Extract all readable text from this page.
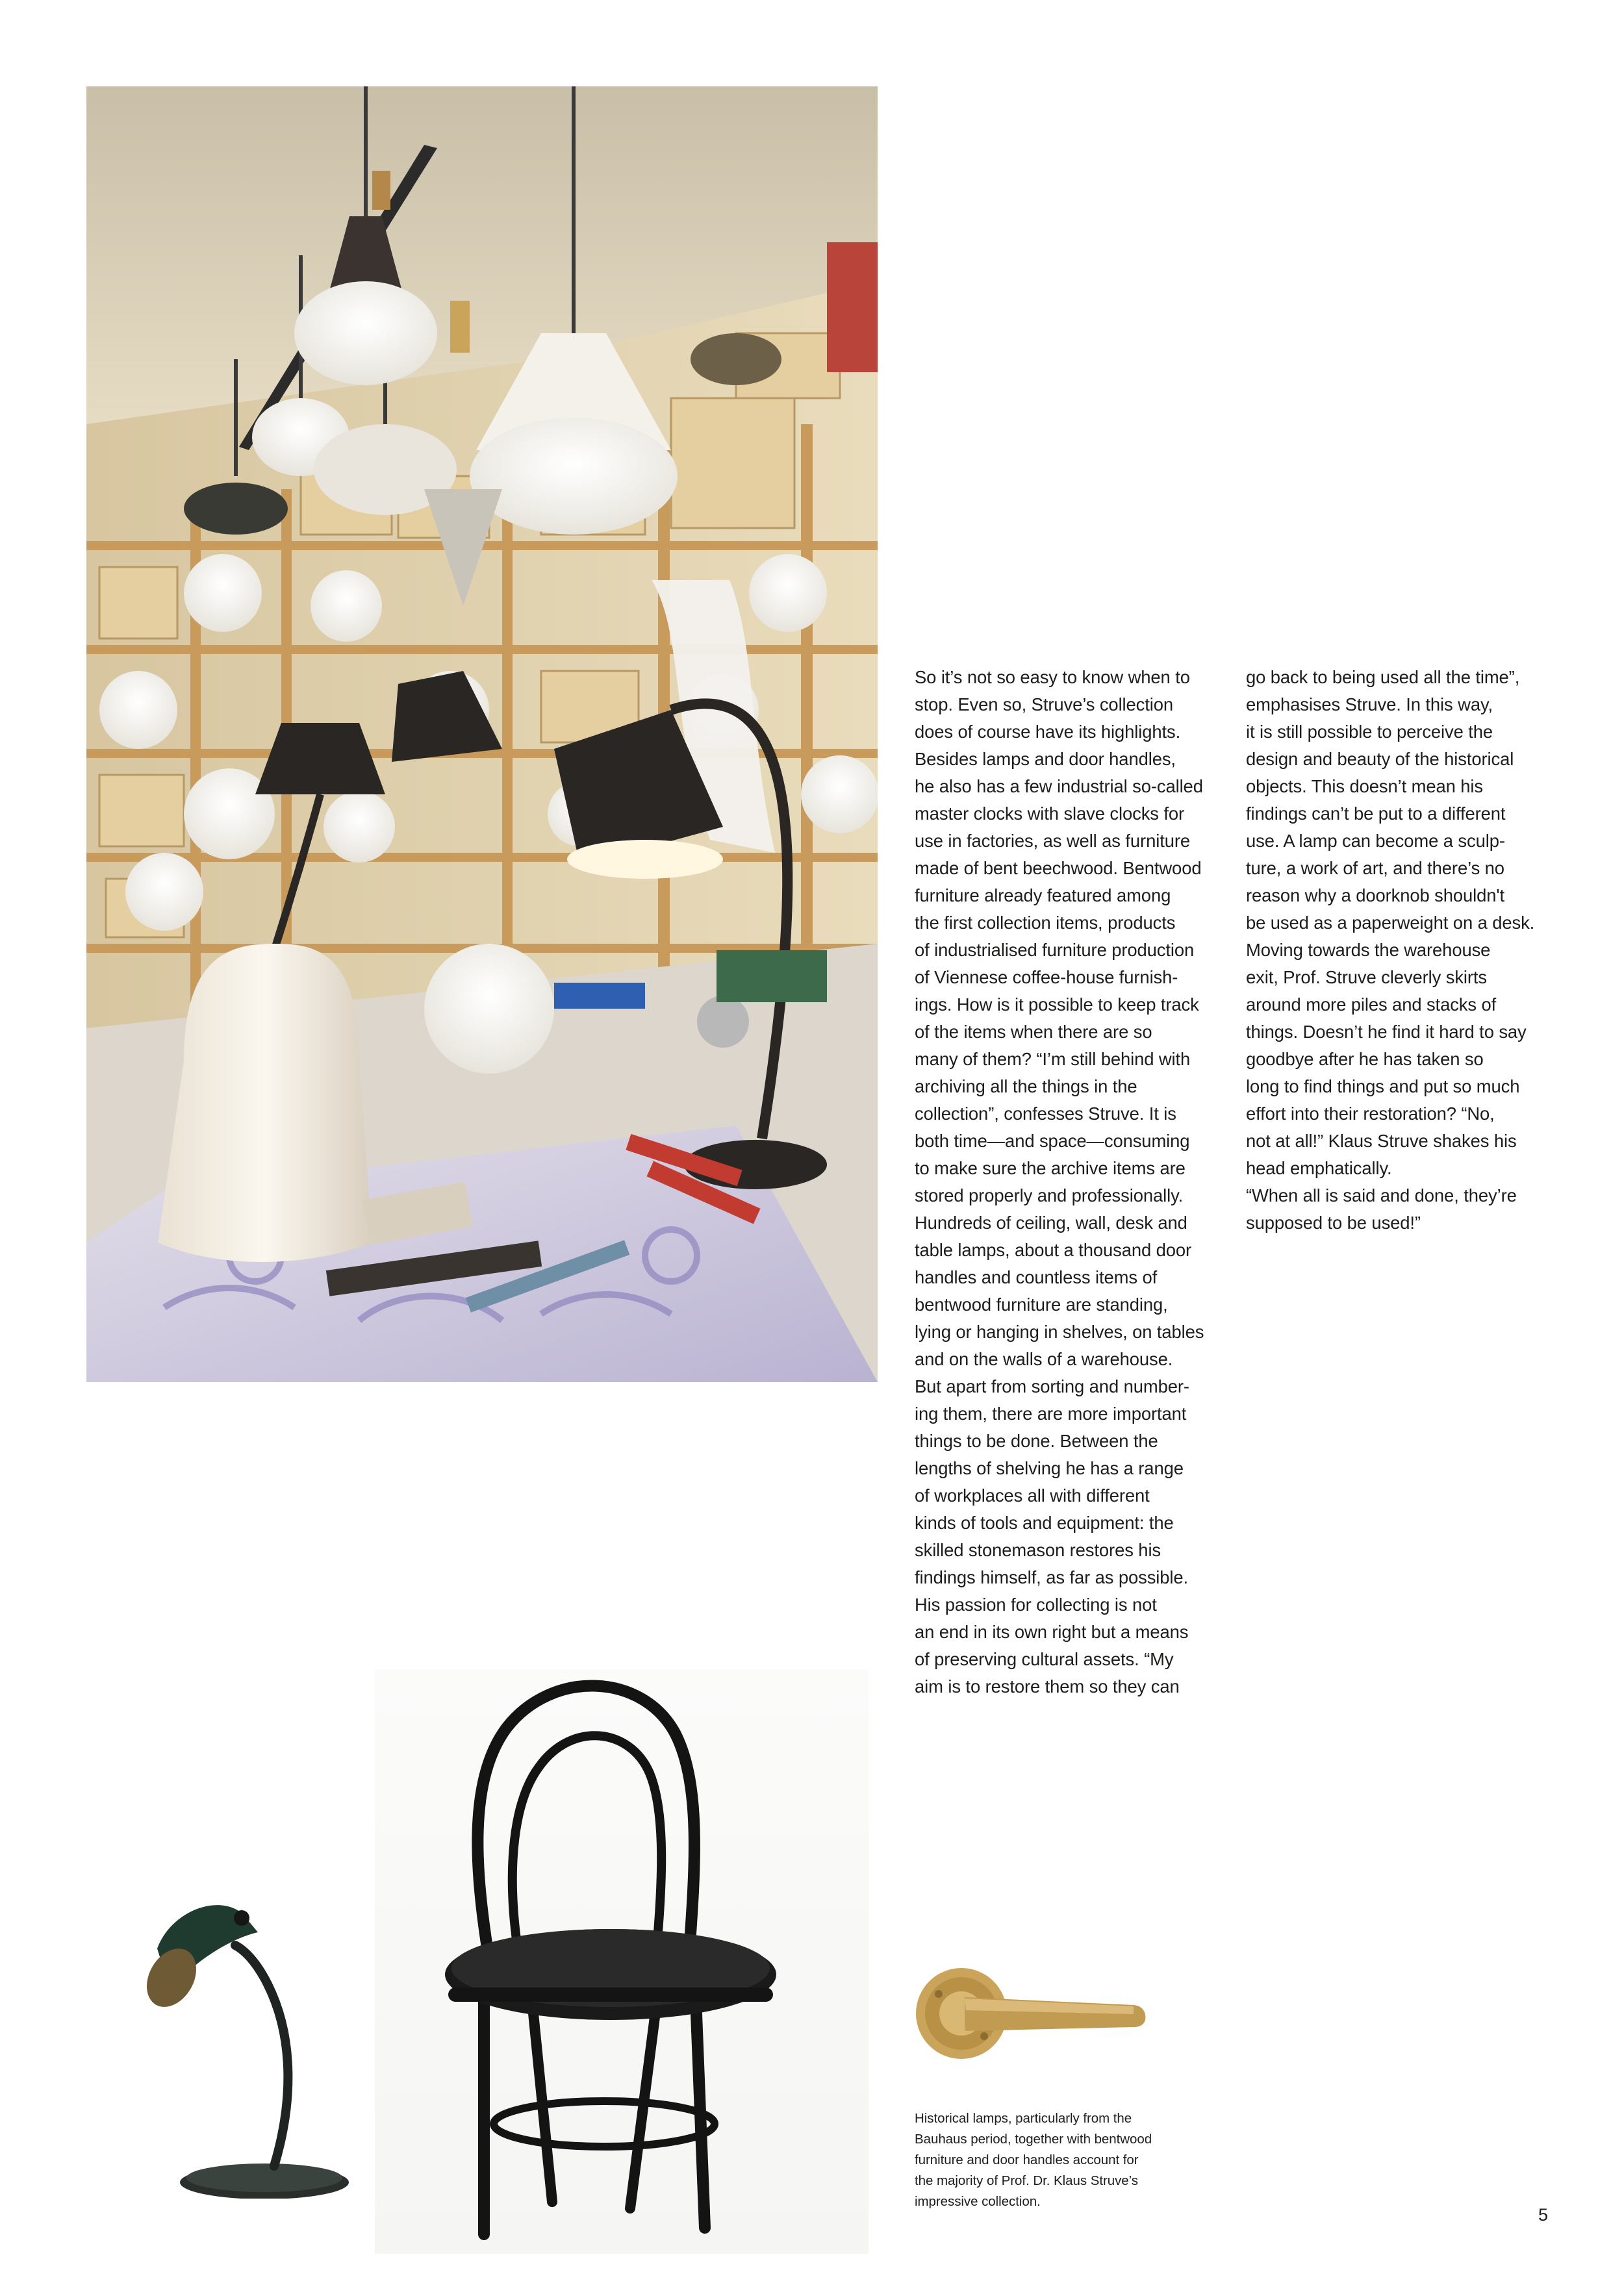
So it’s not so easy to know when to
stop. Even so, Struve’s collection
does of course have its highlights.
Besides lamps and door handles,
he also has a few industrial so-called
master clocks with slave clocks for
use in factories, as well as furniture
made of bent beechwood. Bentwood
furniture already featured among
the first collection items, products
of industrialised furniture production
of Viennese coffee-house furnish-
ings. How is it possible to keep track
of the items when there are so
many of them? “I’m still behind with
archiving all the things in the
collection”, confesses Struve. It is
both time—and space—consuming
to make sure the archive items are
stored properly and professionally.
Hundreds of ceiling, wall, desk and
table lamps, about a thousand door
handles and countless items of
bentwood furniture are standing,
lying or hanging in shelves, on tables
and on the walls of a warehouse.
But apart from sorting and number-
ing them, there are more important
things to be done. Between the
lengths of shelving he has a range
of workplaces all with different
kinds of tools and equipment: the
skilled stonemason restores his
findings himself, as far as possible.
His passion for collecting is not
an end in its own right but a means
of preserving cultural assets. “My
aim is to restore them so they can
go back to being used all the time”,
emphasises Struve. In this way,
it is still possible to perceive the
design and beauty of the historical
objects. This doesn’t mean his
findings can’t be put to a different
use. A lamp can become a sculp-
ture, a work of art, and there’s no
reason why a doorknob shouldn't
be used as a paperweight on a desk.
Moving towards the warehouse
exit, Prof. Struve cleverly skirts
around more piles and stacks of
things. Doesn’t he find it hard to say
goodbye after he has taken so
long to find things and put so much
effort into their restoration? “No,
not at all!” Klaus Struve shakes his
head emphatically.
“When all is said and done, they’re
supposed to be used!”
Historical lamps, particularly from the
Bauhaus period, together with bentwood
furniture and door handles account for
the majority of Prof. Dr. Klaus Struve’s
impressive collection.
5
